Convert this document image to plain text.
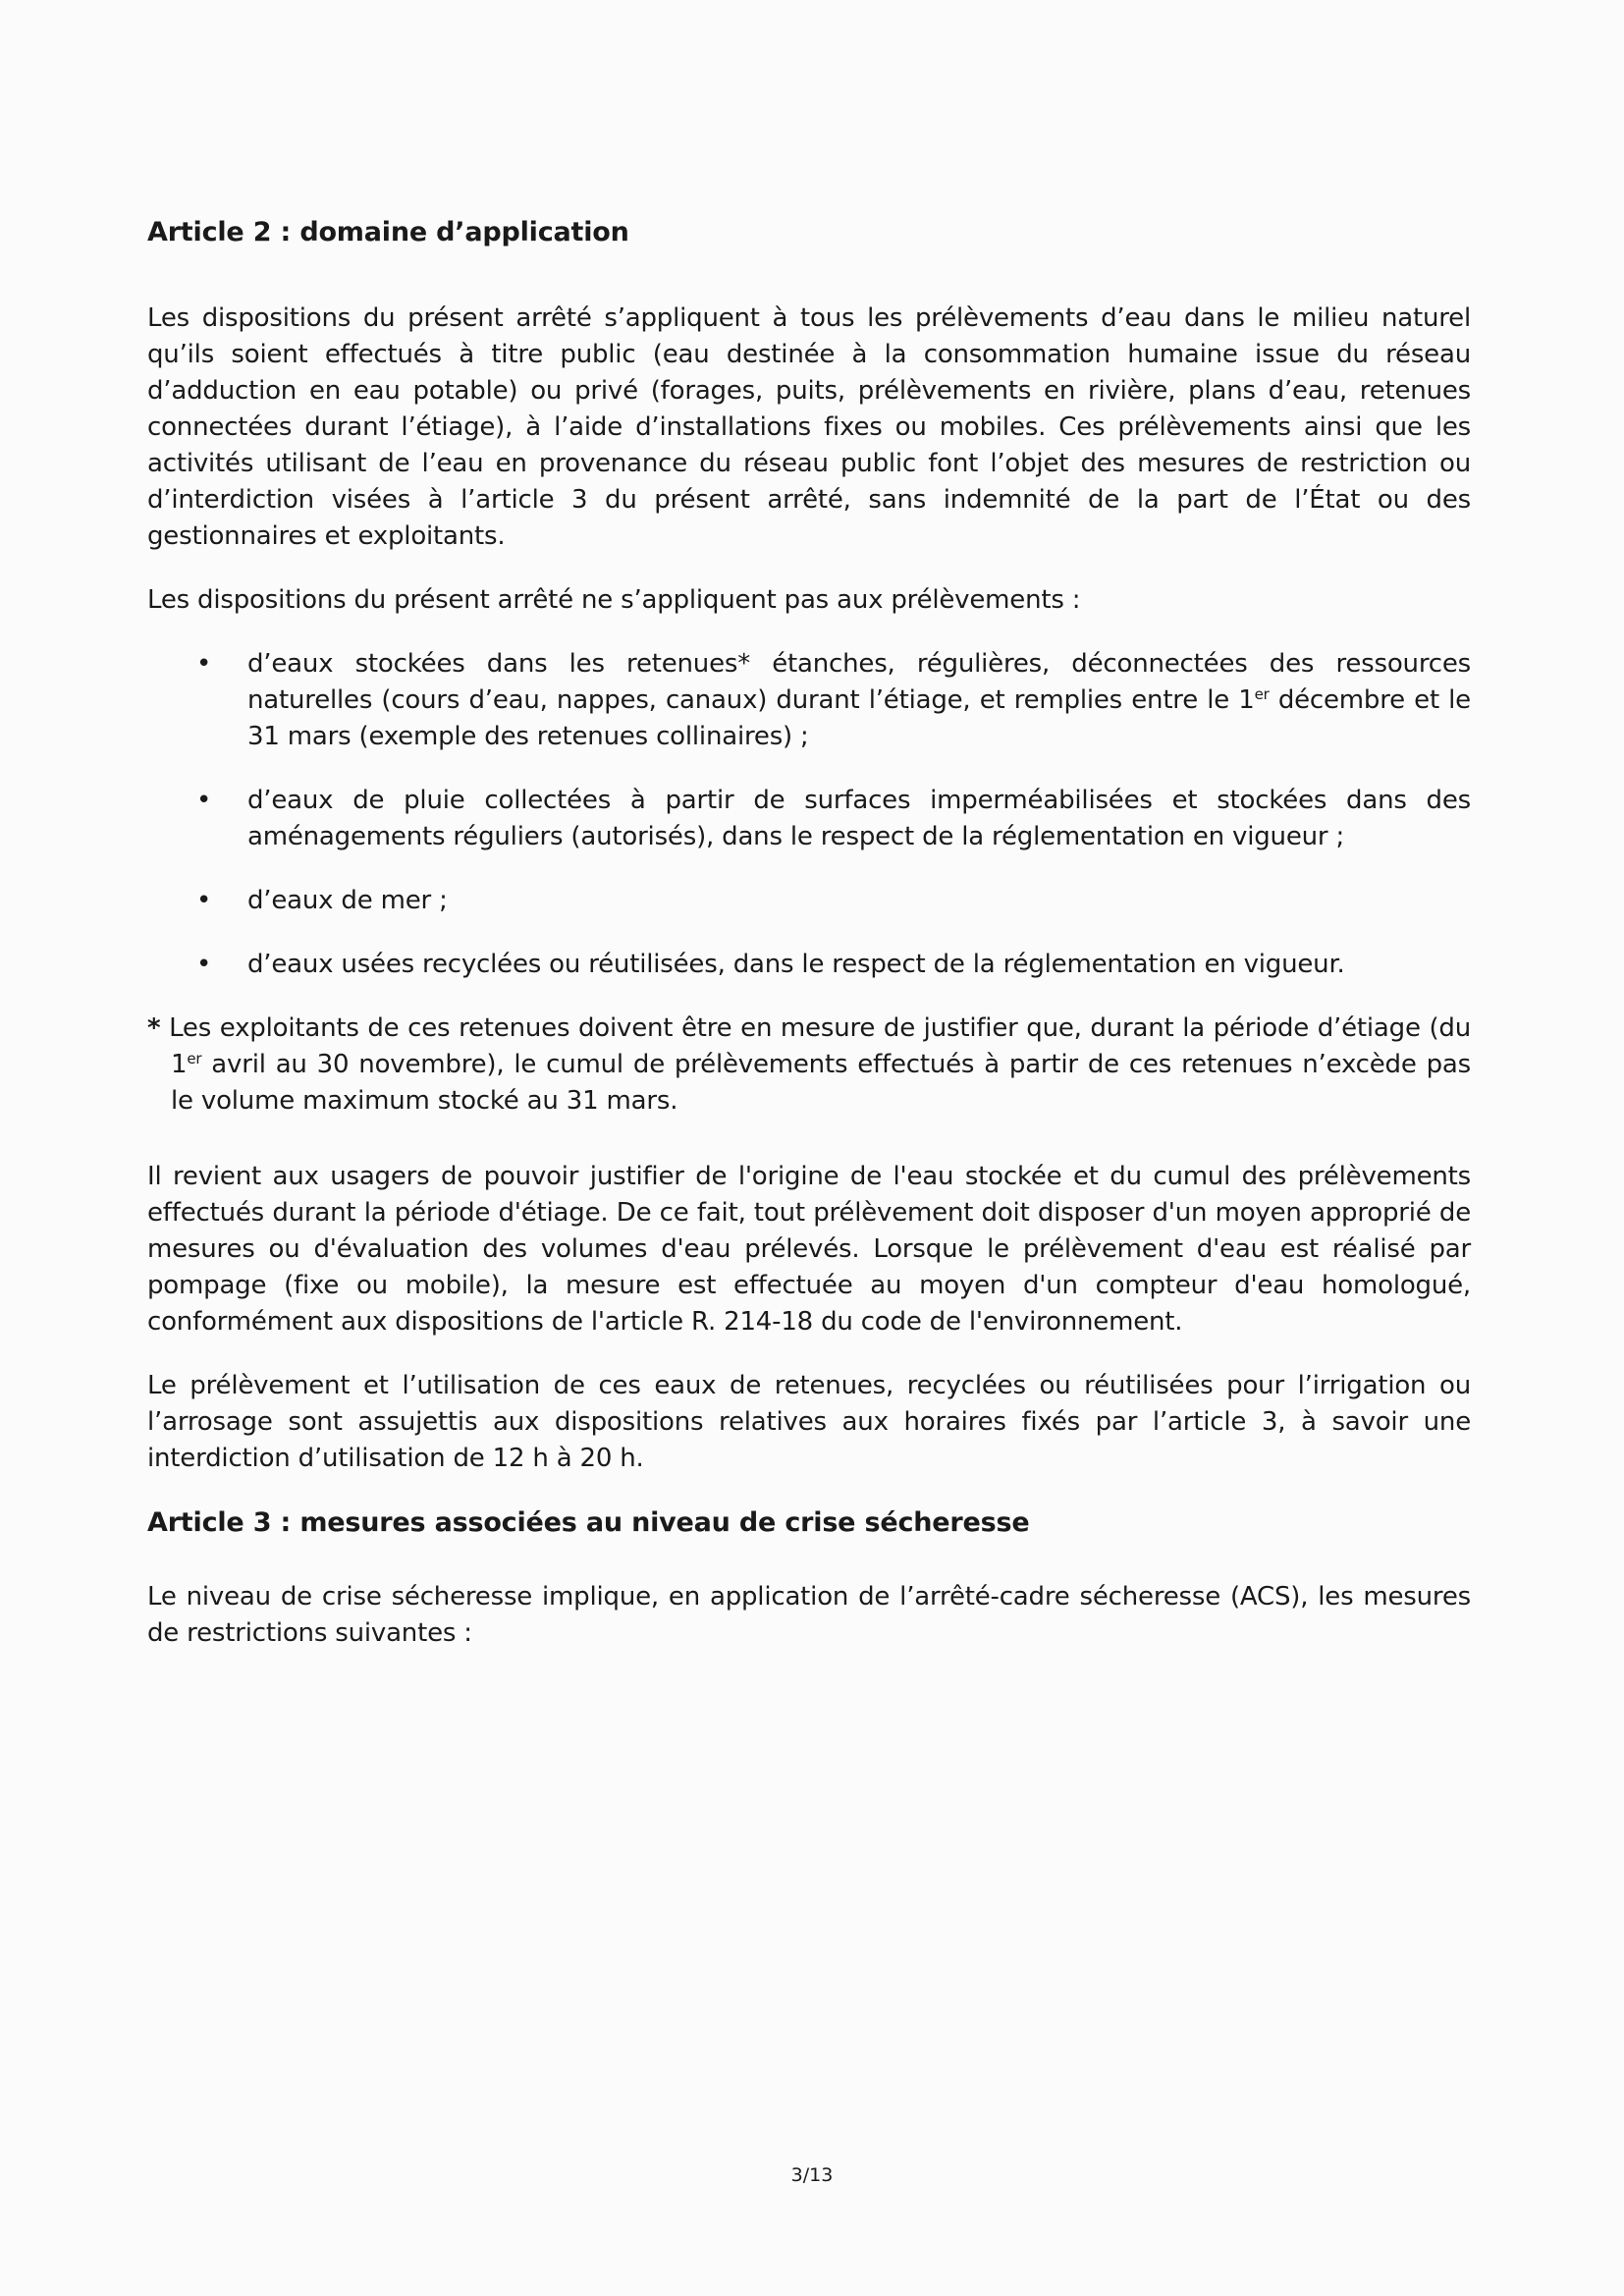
Article 2 : domaine d’application

Les dispositions du présent arrêté s’appliquent à tous les prélèvements d’eau dans le milieu naturel qu’ils soient effectués à titre public (eau destinée à la consommation humaine issue du réseau d’adduction en eau potable) ou privé (forages, puits, prélèvements en rivière, plans d’eau, retenues connectées durant l’étiage), à l’aide d’installations fixes ou mobiles. Ces prélèvements ainsi que les activités utilisant de l’eau en provenance du réseau public font l’objet des mesures de restriction ou d’interdiction visées à l’article 3 du présent arrêté, sans indemnité de la part de l’État ou des gestionnaires et exploitants.

Les dispositions du présent arrêté ne s’appliquent pas aux prélèvements :

• d’eaux stockées dans les retenues* étanches, régulières, déconnectées des ressources naturelles (cours d’eau, nappes, canaux) durant l’étiage, et remplies entre le 1er décembre et le 31 mars (exemple des retenues collinaires) ;
• d’eaux de pluie collectées à partir de surfaces imperméabilisées et stockées dans des aménagements réguliers (autorisés), dans le respect de la réglementation en vigueur ;
• d’eaux de mer ;
• d’eaux usées recyclées ou réutilisées, dans le respect de la réglementation en vigueur.

* Les exploitants de ces retenues doivent être en mesure de justifier que, durant la période d’étiage (du 1er avril au 30 novembre), le cumul de prélèvements effectués à partir de ces retenues n’excède pas le volume maximum stocké au 31 mars.

Il revient aux usagers de pouvoir justifier de l'origine de l'eau stockée et du cumul des prélèvements effectués durant la période d'étiage. De ce fait, tout prélèvement doit disposer d'un moyen approprié de mesures ou d'évaluation des volumes d'eau prélevés. Lorsque le prélèvement d'eau est réalisé par pompage (fixe ou mobile), la mesure est effectuée au moyen d'un compteur d'eau homologué, conformément aux dispositions de l'article R. 214-18 du code de l'environnement.

Le prélèvement et l’utilisation de ces eaux de retenues, recyclées ou réutilisées pour l’irrigation ou l’arrosage sont assujettis aux dispositions relatives aux horaires fixés par l’article 3, à savoir une interdiction d’utilisation de 12 h à 20 h.

Article 3 : mesures associées au niveau de crise sécheresse

Le niveau de crise sécheresse implique, en application de l’arrêté-cadre sécheresse (ACS), les mesures de restrictions suivantes :

3/13
